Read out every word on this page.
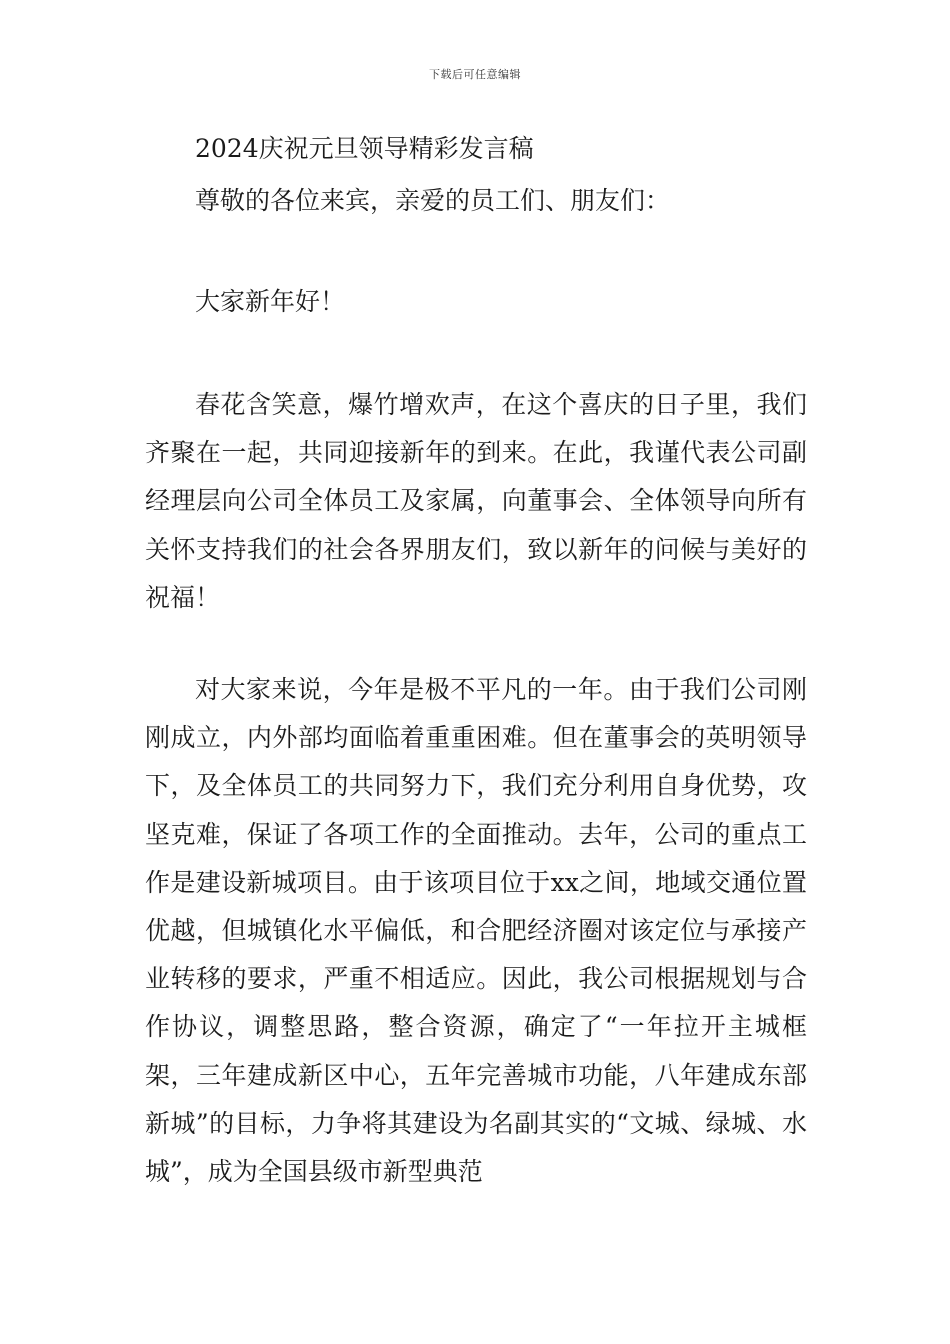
下载后可任意编辑
2024庆祝元旦领导精彩发言稿
尊敬的各位来宾，亲爱的员工们、朋友们：
大家新年好！

春花含笑意，爆竹增欢声，在这个喜庆的日子里，我们齐聚在一起，共同迎接新年的到来。在此，我谨代表公司副经理层向公司全体员工及家属，向董事会、全体领导向所有关怀支持我们的社会各界朋友们，致以新年的问候与美好的祝福！

对大家来说，今年是极不平凡的一年。由于我们公司刚刚成立，内外部均面临着重重困难。但在董事会的英明领导下，及全体员工的共同努力下，我们充分利用自身优势，攻坚克难，保证了各项工作的全面推动。去年，公司的重点工作是建设新城项目。由于该项目位于xx之间，地域交通位置优越，但城镇化水平偏低，和合肥经济圈对该定位与承接产业转移的要求，严重不相适应。因此，我公司根据规划与合作协议，调整思路，整合资源，确定了“一年拉开主城框架，三年建成新区中心，五年完善城市功能，八年建成东部新城”的目标，力争将其建设为名副其实的“文城、绿城、水城”，成为全国县级市新型典范
